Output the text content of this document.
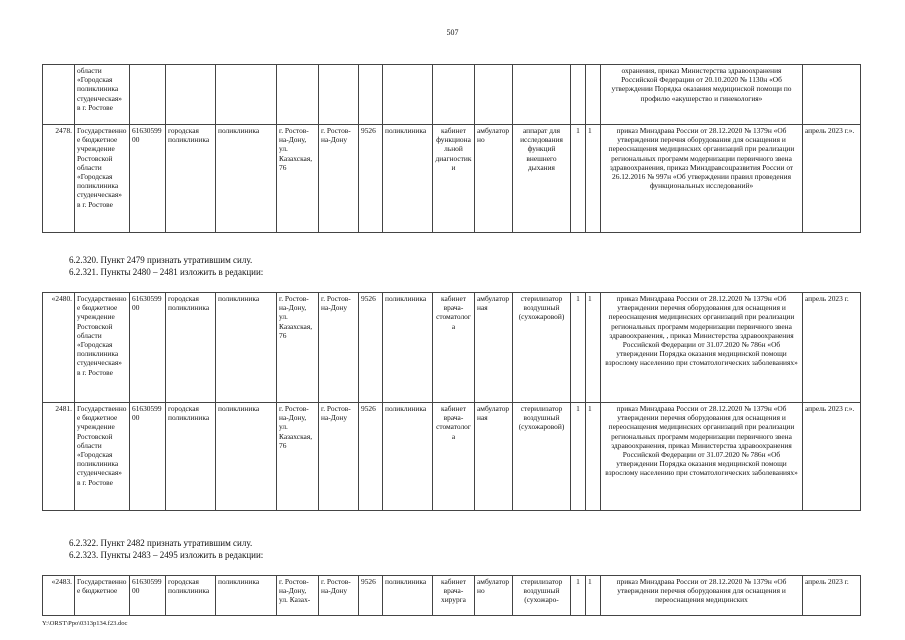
507
	области «Городская поликлиника студенческая» в г. Ростове													охранения, приказ Министерства здравоохранения Российской Федерации от 20.10.2020 № 1130н «Об утверждении Порядка оказания медицинской помощи по профилю «акушерство и гинекология»	
2478.	Государственное бюджетное учреждение Ростовской области «Городская поликлиника студенческая» в г. Ростове	61630599 00	городская поликлиника	поликлиника	г. Ростов-на-Дону, ул. Казахская, 76	г. Ростов-на-Дону	9526	поликлиника	кабинет функциональной диагностики	амбулаторно	аппарат для исследования функций внешнего дыхания	1	1	приказ Минздрава России от 28.12.2020 № 1379н «Об утверждении перечня оборудования для оснащения и переоснащения медицинских организаций при реализации региональных программ модернизации первичного звена здравоохранения, приказ Минздравсоцразвития России от 26.12.2016 № 997н «Об утверждении правил проведения функциональных исследований»	апрель 2023 г.».
6.2.320. Пункт 2479 признать утратившим силу.
6.2.321. Пункты 2480 – 2481 изложить в редакции:
«2480.	Государственное бюджетное учреждение Ростовской области «Городская поликлиника студенческая» в г. Ростове	61630599 00	городская поликлиника	поликлиника	г. Ростов-на-Дону, ул. Казахская, 76	г. Ростов-на-Дону	9526	поликлиника	кабинет врача-стоматолога	амбулаторная	стерилизатор воздушный (сухожаровой)	1	1	приказ Минздрава России от 28.12.2020 № 1379н «Об утверждении перечня оборудования для оснащения и переоснащения медицинских организаций при реализации региональных программ модернизации первичного звена здравоохранения, , приказ Министерства здравоохранения Российской Федерации от 31.07.2020 № 786н «Об утверждении Порядка оказания медицинской помощи взрослому населению при стоматологических заболеваниях»	апрель 2023 г.
2481.	Государственное бюджетное учреждение Ростовской области «Городская поликлиника студенческая» в г. Ростове	61630599 00	городская поликлиника	поликлиника	г. Ростов-на-Дону, ул. Казахская, 76	г. Ростов-на-Дону	9526	поликлиника	кабинет врача-стоматолога	амбулаторная	стерилизатор воздушный (сухожаровой)	1	1	приказ Минздрава России от 28.12.2020 № 1379н «Об утверждении перечня оборудования для оснащения и переоснащения медицинских организаций при реализации региональных программ модернизации первичного звена здравоохранения, приказ Министерства здравоохранения Российской Федерации от 31.07.2020 № 786н «Об утверждении Порядка оказания медицинской помощи взрослому населению при стоматологических заболеваниях»	апрель 2023 г.».
6.2.322. Пункт 2482 признать утратившим силу.
6.2.323. Пункты 2483 – 2495 изложить в редакции:
«2483.	Государственное бюджетное	61630599 00	городская поликлиника	поликлиника	г. Ростов-на-Дону, ул. Казах-	г. Ростов-на-Дону	9526	поликлиника	кабинет врача-хирурга	амбулаторно	стерилизатор воздушный (сухожаро-	1	1	приказ Минздрава России от 28.12.2020 № 1379н «Об утверждении перечня оборудования для оснащения и переоснащения медицинских	апрель 2023 г.
Y:\ORST\Ppo\0313p134.f23.doc
